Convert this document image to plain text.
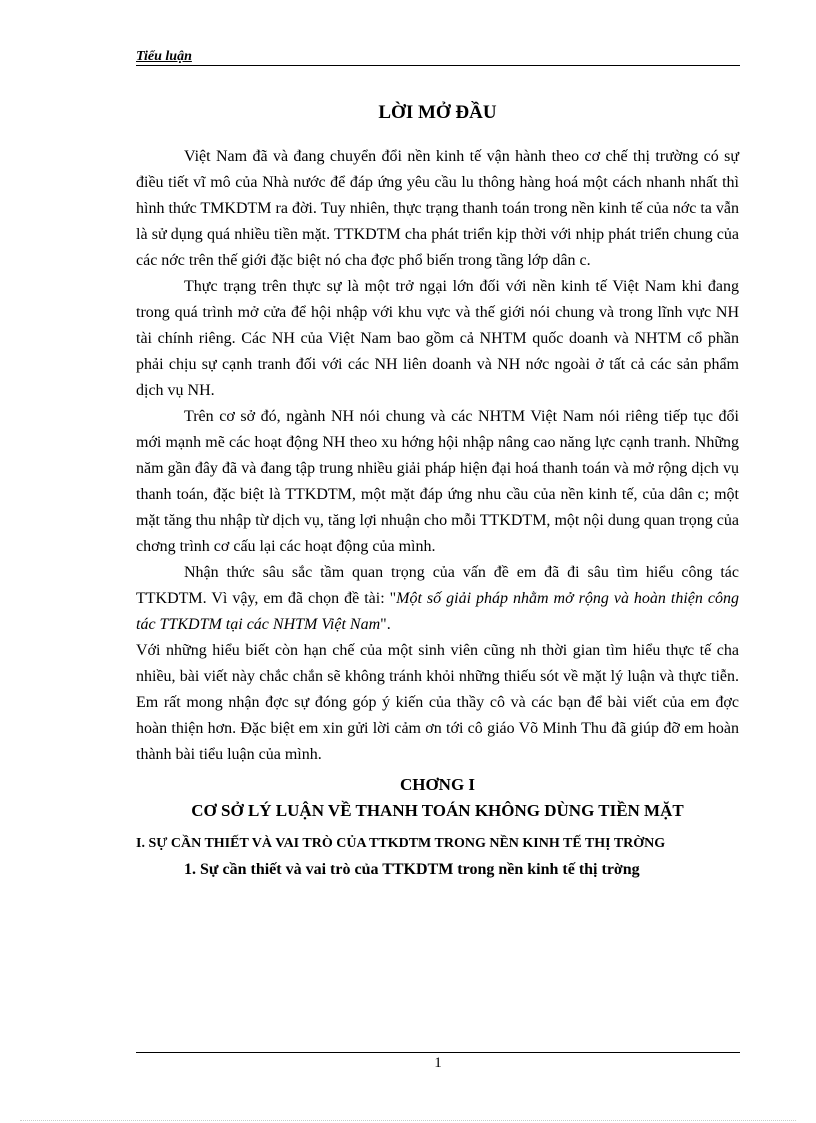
Tiểu luận
LỜI MỞ ĐẦU

Việt Nam đã và đang chuyển đổi nền kinh tế vận hành theo cơ chế thị trường có sự điều tiết vĩ mô của Nhà nước để đáp ứng yêu cầu lu thông hàng hoá một cách nhanh nhất thì hình thức TMKDTM ra đời. Tuy nhiên, thực trạng thanh toán trong nền kinh tế của nớc ta vẫn là sử dụng quá nhiều tiền mặt. TTKDTM cha phát triển kịp thời với nhịp phát triển chung của các nớc trên thế giới đặc biệt nó cha đợc phổ biến trong tầng lớp dân c.

Thực trạng trên thực sự là một trở ngại lớn đối với nền kinh tế Việt Nam khi đang trong quá trình mở cửa để hội nhập với khu vực và thế giới nói chung và trong lĩnh vực NH tài chính riêng. Các NH của Việt Nam bao gồm cả NHTM quốc doanh và NHTM cổ phần phải chịu sự cạnh tranh đối với các NH liên doanh và NH nớc ngoài ở tất cả các sản phẩm dịch vụ NH.

Trên cơ sở đó, ngành NH nói chung và các NHTM Việt Nam nói riêng tiếp tục đổi mới mạnh mẽ các hoạt động NH theo xu hớng hội nhập nâng cao năng lực cạnh tranh. Những năm gần đây đã và đang tập trung nhiều giải pháp hiện đại hoá thanh toán và mở rộng dịch vụ thanh toán, đặc biệt là TTKDTM, một mặt đáp ứng nhu cầu của nền kinh tế, của dân c; một mặt tăng thu nhập từ dịch vụ, tăng lợi nhuận cho mỗi TTKDTM, một nội dung quan trọng của chơng trình cơ cấu lại các hoạt động của mình.

Nhận thức sâu sắc tầm quan trọng của vấn đề em đã đi sâu tìm hiểu công tác TTKDTM. Vì vậy, em đã chọn đề tài: "Một số giải pháp nhằm mở rộng và hoàn thiện công tác TTKDTM tại các NHTM Việt Nam".

Với những hiểu biết còn hạn chế của một sinh viên cũng nh thời gian tìm hiểu thực tế cha nhiều, bài viết này chắc chắn sẽ không tránh khỏi những thiếu sót về mặt lý luận và thực tiễn. Em rất mong nhận đợc sự đóng góp ý kiến của thầy cô và các bạn để bài viết của em đợc hoàn thiện hơn. Đặc biệt em xin gửi lời cảm ơn tới cô giáo Võ Minh Thu đã giúp đỡ em hoàn thành bài tiểu luận của mình.

CHƠNG I
CƠ SỞ LÝ LUẬN VỀ THANH TOÁN KHÔNG DÙNG TIỀN MẶT
I. SỰ CẦN THIẾT VÀ VAI TRÒ CỦA TTKDTM TRONG NỀN KINH TẾ THỊ TRỜNG
1. Sự cần thiết và vai trò của TTKDTM trong nền kinh tế thị trờng
1
